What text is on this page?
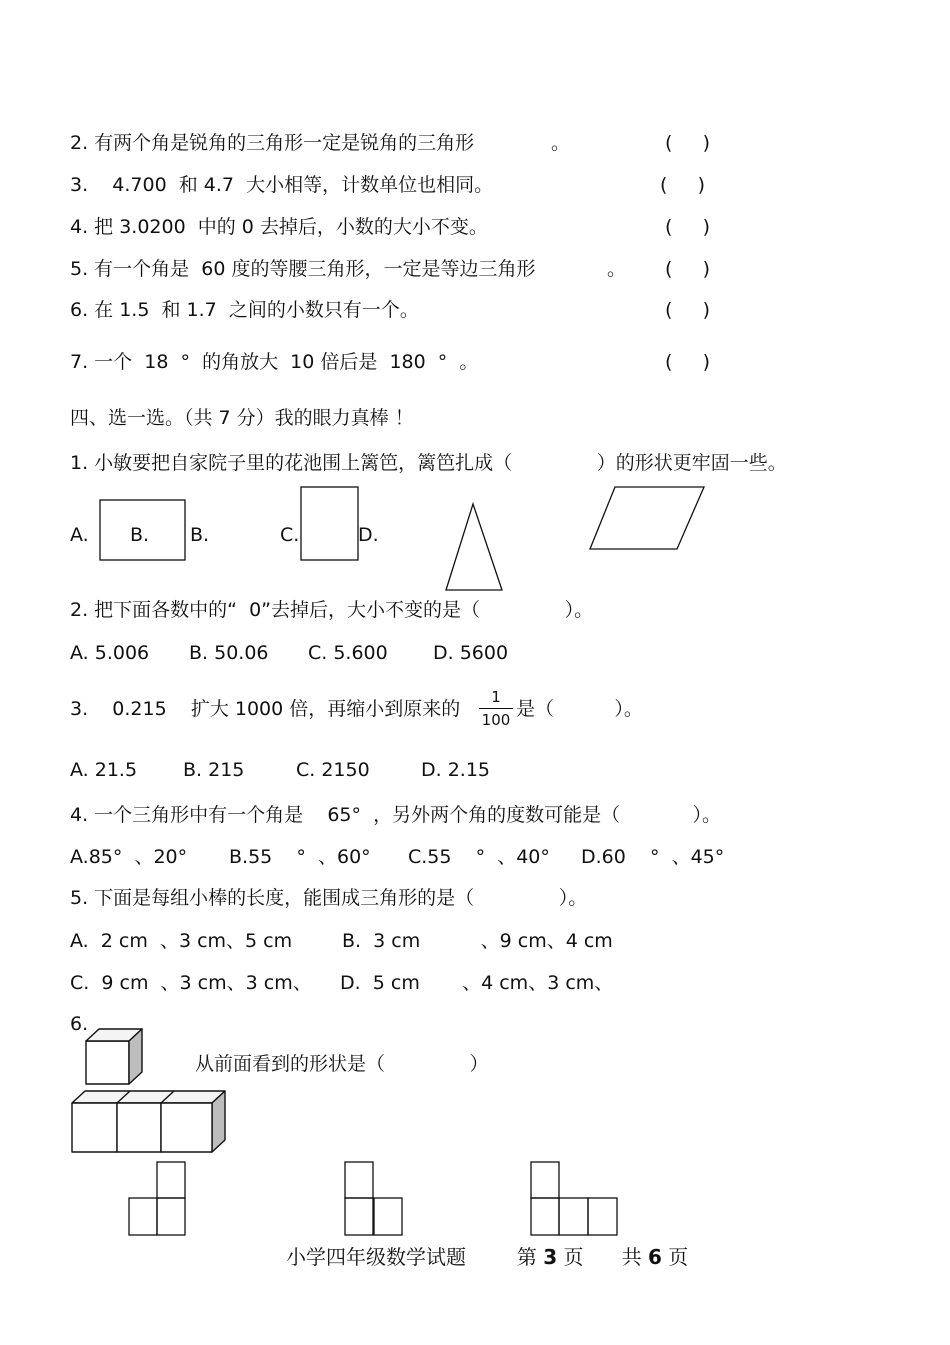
2. 有两个角是锐角的三角形一定是锐角的三角形	。	(     )
3.    4.700  和 4.7  大小相等，计数单位也相同。	(     )
4. 把 3.0200  中的 0 去掉后，小数的大小不变。	(     )
5. 有一个角是  60 度的等腰三角形，一定是等边三角形	。 (     )
6. 在 1.5  和 1.7  之间的小数只有一个。	(     )
7. 一个  18  °  的角放大  10 倍后是  180  °  。	(     )
四、选一选。（共 7 分）我的眼力真棒 ！
1. 小敏要把自家院子里的花池围上篱笆，篱笆扎成（              ）的形状更牢固一些。
A. B. B.	C.	D.
2. 把下面各数中的“  0”去掉后，大小不变的是（              ）。
A. 5.006 B. 50.06 C. 5.600 D. 5600
3.    0.215    扩大 1000 倍，再缩小到原来的
1
100 是（          ）。
A. 21.5 B. 215	C. 2150	D. 2.15
4. 一个三角形中有一个角是    65°  ，另外两个角的度数可能是（            ）。
A.85°  、20° B.55    °  、60° C.55    °  、40° D.60    °  、45°
5. 下面是每组小棒的长度，能围成三角形的是（              ）。
A.  2 cm  、3 cm、5 cm	B.  3 cm          、9 cm、4 cm
C.  9 cm  、3 cm、3 cm、 D.  5 cm       、4 cm、3 cm、
6.
从前面看到的形状是（              ）
小学四年级数学试题	第 3 页 共 6 页
